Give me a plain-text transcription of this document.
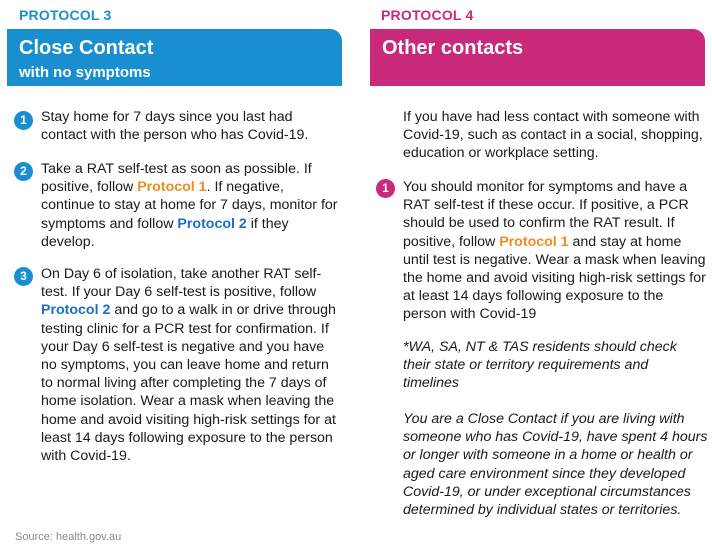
PROTOCOL 3
Close Contact
with no symptoms
1 Stay home for 7 days since you last had contact with the person who has Covid-19.
2 Take a RAT self-test as soon as possible. If positive, follow Protocol 1. If negative, continue to stay at home for 7 days, monitor for symptoms and follow Protocol 2 if they develop.
3 On Day 6 of isolation, take another RAT self-test. If your Day 6 self-test is positive, follow Protocol 2 and go to a walk in or drive through testing clinic for a PCR test for confirmation. If your Day 6 self-test is negative and you have no symptoms, you can leave home and return to normal living after completing the 7 days of home isolation. Wear a mask when leaving the home and avoid visiting high-risk settings for at least 14 days following exposure to the person with Covid-19.
PROTOCOL 4
Other contacts
If you have had less contact with someone with Covid-19, such as contact in a social, shopping, education or workplace setting.
1 You should monitor for symptoms and have a RAT self-test if these occur. If positive, a PCR should be used to confirm the RAT result. If positive, follow Protocol 1 and stay at home until test is negative. Wear a mask when leaving the home and avoid visiting high-risk settings for at least 14 days following exposure to the person with Covid-19
*WA, SA, NT & TAS residents should check their state or territory requirements and timelines
You are a Close Contact if you are living with someone who has Covid-19, have spent 4 hours or longer with someone in a home or health or aged care environment since they developed Covid-19, or under exceptional circumstances determined by individual states or territories.
Source: health.gov.au
